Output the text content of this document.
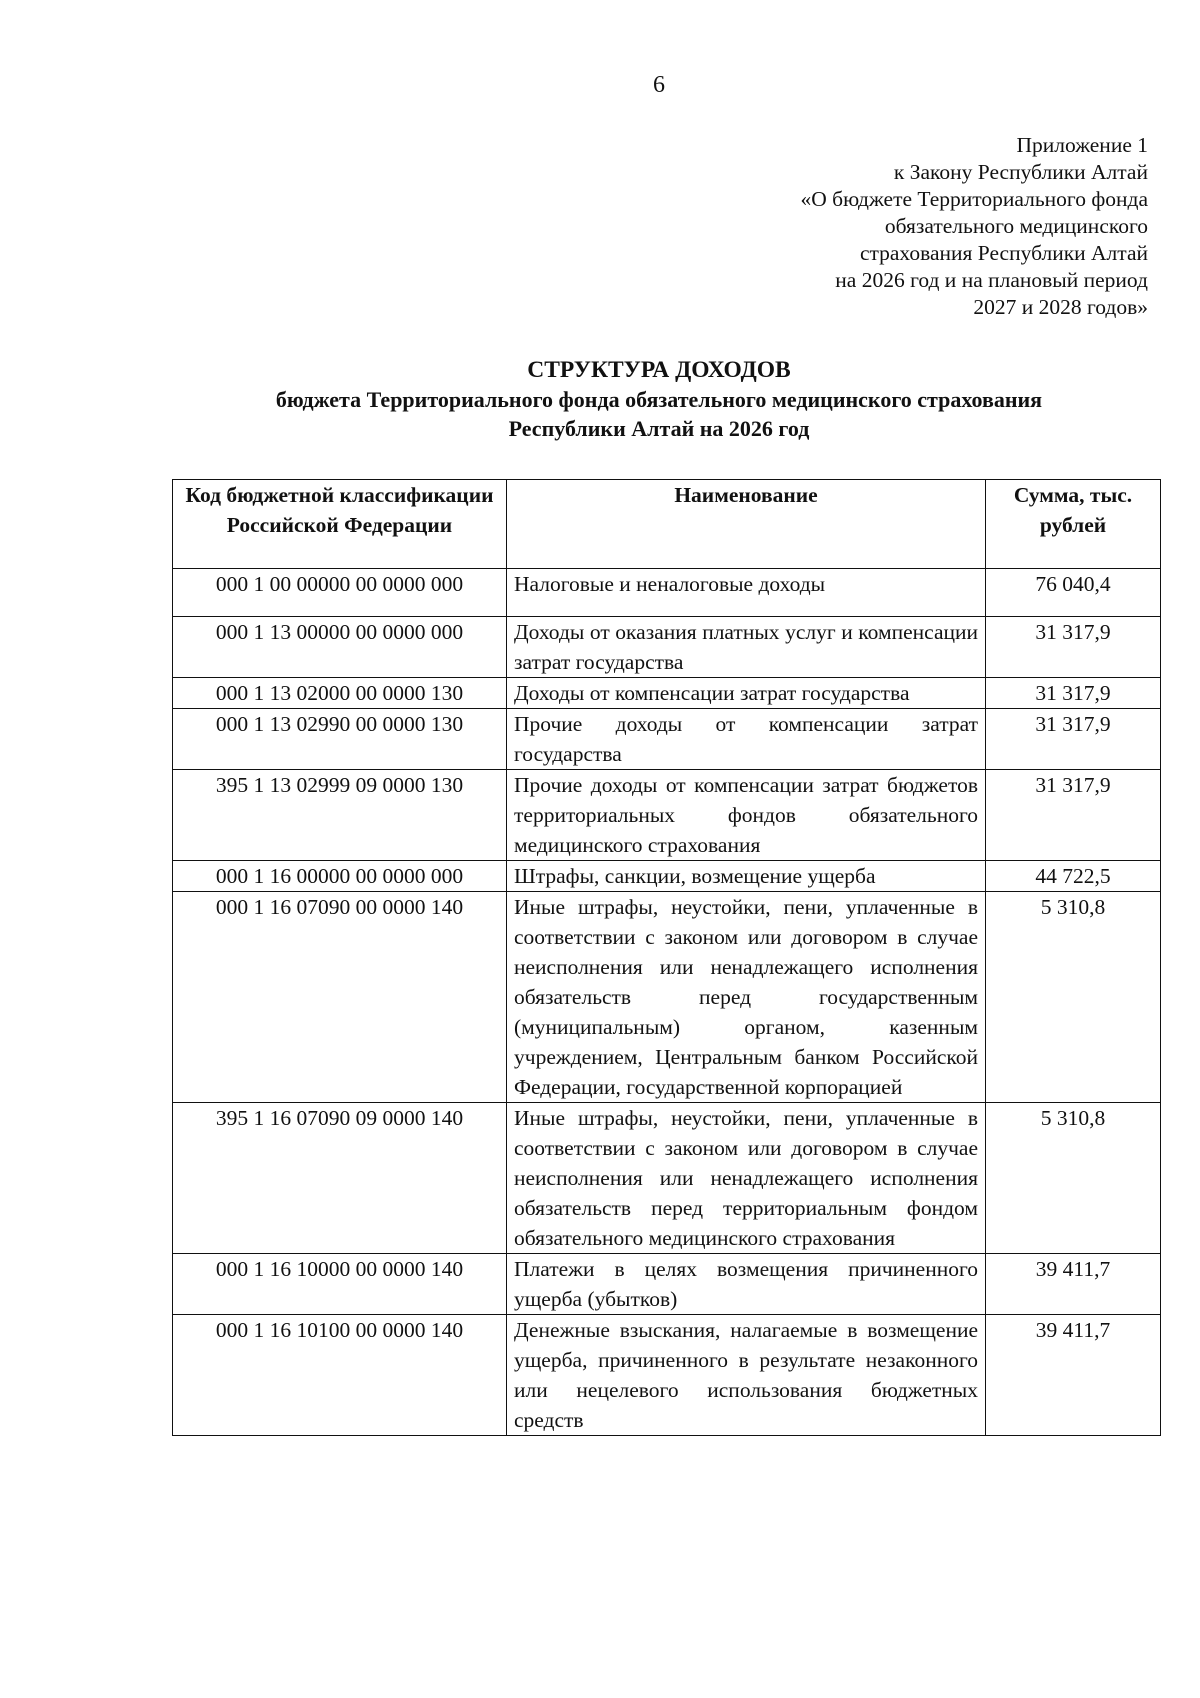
6
Приложение 1
к Закону Республики Алтай
«О бюджете Территориального фонда
обязательного медицинского
страхования Республики Алтай
на 2026 год и на плановый период
2027 и 2028 годов»
СТРУКТУРА ДОХОДОВ
бюджета Территориального фонда обязательного медицинского страхования
Республики Алтай на 2026 год
Код бюджетной классификации Российской Федерации	Наименование	Сумма, тыс. рублей
000 1 00 00000 00 0000 000	Налоговые и неналоговые доходы	76 040,4
000 1 13 00000 00 0000 000	Доходы от оказания платных услуг и компенсации затрат государства	31 317,9
000 1 13 02000 00 0000 130	Доходы от компенсации затрат государства	31 317,9
000 1 13 02990 00 0000 130	Прочие доходы от компенсации затрат государства	31 317,9
395 1 13 02999 09 0000 130	Прочие доходы от компенсации затрат бюджетов территориальных фондов обязательного медицинского страхования	31 317,9
000 1 16 00000 00 0000 000	Штрафы, санкции, возмещение ущерба	44 722,5
000 1 16 07090 00 0000 140	Иные штрафы, неустойки, пени, уплаченные в соответствии с законом или договором в случае неисполнения или ненадлежащего исполнения обязательств перед государственным (муниципальным) органом, казенным учреждением, Центральным банком Российской Федерации, государственной корпорацией	5 310,8
395 1 16 07090 09 0000 140	Иные штрафы, неустойки, пени, уплаченные в соответствии с законом или договором в случае неисполнения или ненадлежащего исполнения обязательств перед территориальным фондом обязательного медицинского страхования	5 310,8
000 1 16 10000 00 0000 140	Платежи в целях возмещения причиненного ущерба (убытков)	39 411,7
000 1 16 10100 00 0000 140	Денежные взыскания, налагаемые в возмещение ущерба, причиненного в результате незаконного или нецелевого использования бюджетных средств	39 411,7
